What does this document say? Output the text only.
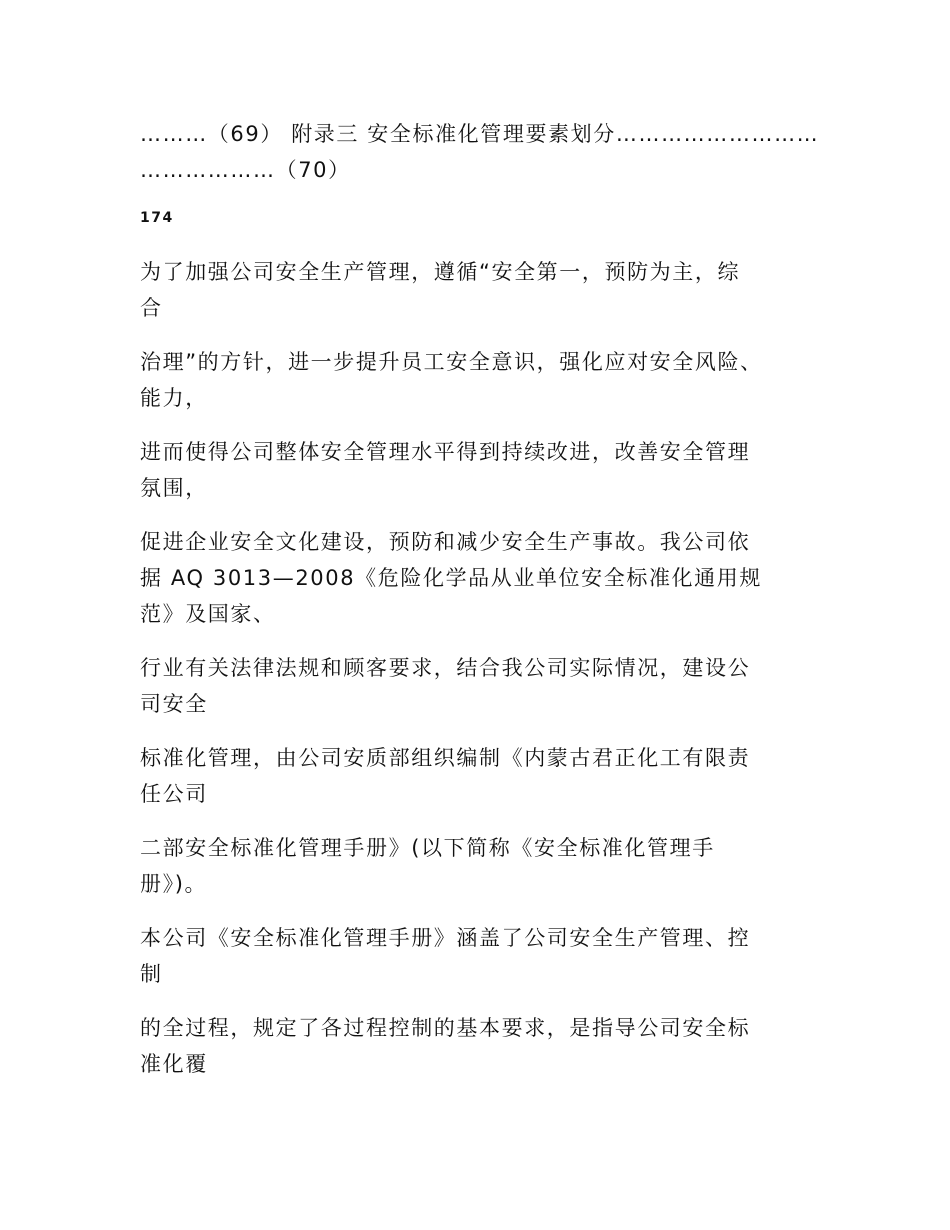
………（69） 附录三 安全标准化管理要素划分………………………
………………（70）
174
为了加强公司安全生产管理，遵循“安全第一，预防为主，综
合
治理”的方针，进一步提升员工安全意识，强化应对安全风险、
能力，
进而使得公司整体安全管理水平得到持续改进，改善安全管理
氛围，
促进企业安全文化建设，预防和减少安全生产事故。我公司依
据 AQ 3013—2008《危险化学品从业单位安全标准化通用规
范》及国家、
行业有关法律法规和顾客要求，结合我公司实际情况，建设公
司安全
标准化管理，由公司安质部组织编制《内蒙古君正化工有限责
任公司
二部安全标准化管理手册》(以下简称《安全标准化管理手
册》)。
本公司《安全标准化管理手册》涵盖了公司安全生产管理、控
制
的全过程，规定了各过程控制的基本要求，是指导公司安全标
准化覆
